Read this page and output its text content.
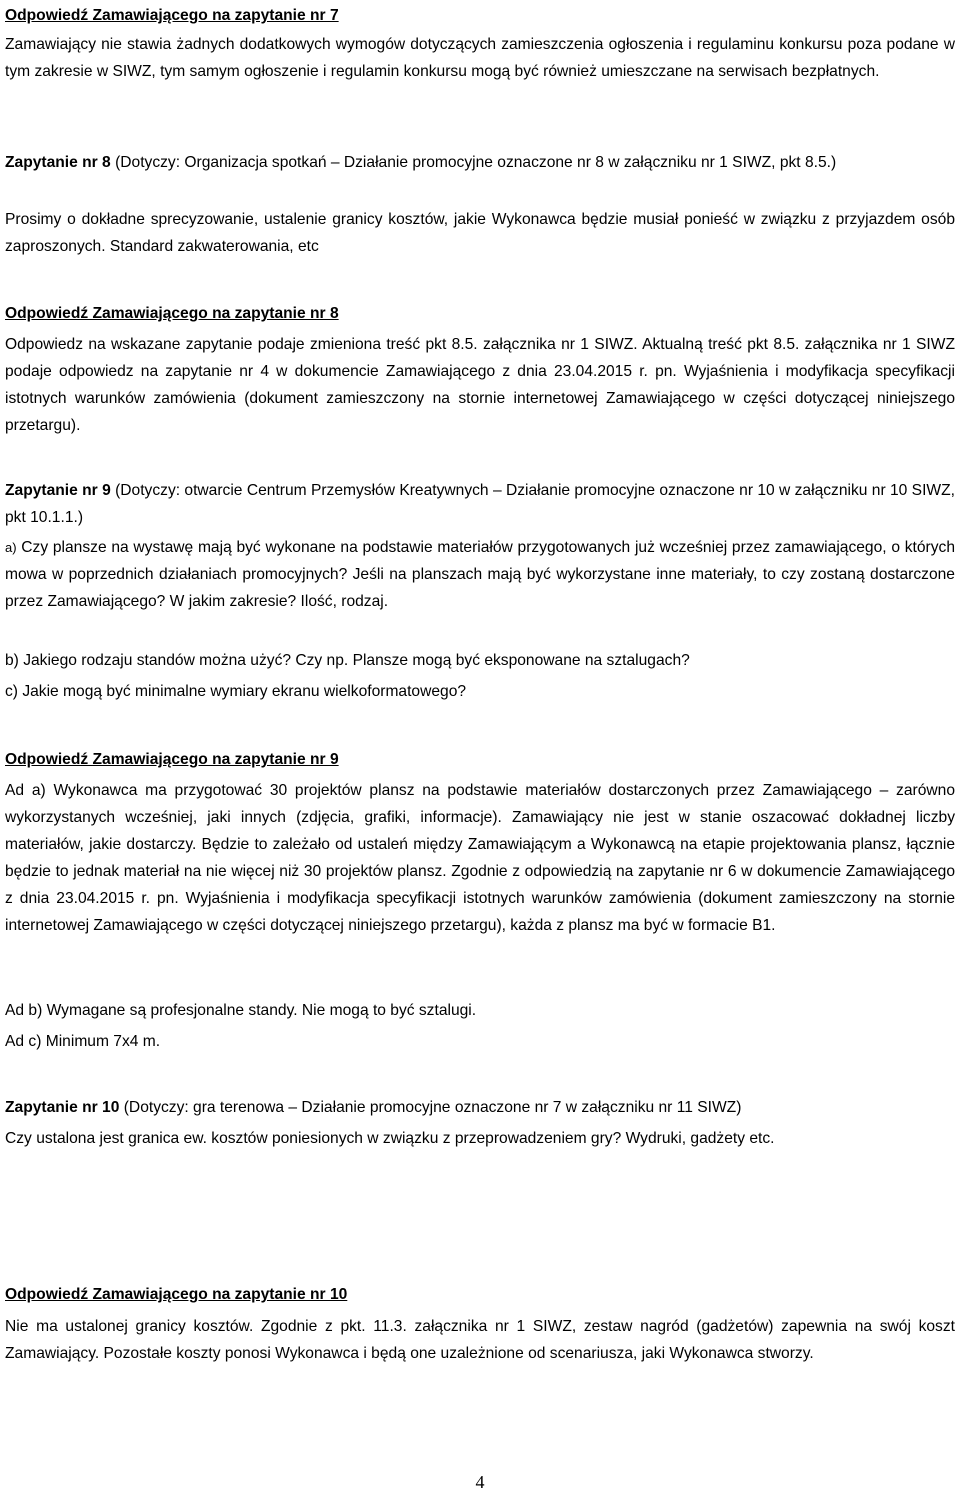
Odpowiedź Zamawiającego na zapytanie nr 7

Zamawiający nie stawia żadnych dodatkowych wymogów dotyczących zamieszczenia ogłoszenia i regulaminu konkursu poza podane w tym zakresie w SIWZ, tym samym ogłoszenie i regulamin konkursu mogą być również umieszczane na serwisach bezpłatnych.

Zapytanie nr 8 (Dotyczy: Organizacja spotkań – Działanie promocyjne oznaczone nr 8 w załączniku nr 1 SIWZ, pkt 8.5.)

Prosimy o dokładne sprecyzowanie, ustalenie granicy kosztów, jakie Wykonawca będzie musiał ponieść w związku z przyjazdem osób zaproszonych. Standard zakwaterowania, etc

Odpowiedź Zamawiającego na zapytanie nr 8

Odpowiedz na wskazane zapytanie podaje zmieniona treść pkt 8.5. załącznika nr 1 SIWZ. Aktualną treść pkt 8.5. załącznika nr 1 SIWZ podaje odpowiedz na zapytanie nr 4 w dokumencie Zamawiającego z dnia 23.04.2015 r. pn. Wyjaśnienia i modyfikacja specyfikacji istotnych warunków zamówienia (dokument zamieszczony na stornie internetowej Zamawiającego w części dotyczącej niniejszego przetargu).

Zapytanie nr 9 (Dotyczy: otwarcie Centrum Przemysłów Kreatywnych – Działanie promocyjne oznaczone nr 10 w załączniku nr 10 SIWZ, pkt 10.1.1.)

a) Czy plansze na wystawę mają być wykonane na podstawie materiałów przygotowanych już wcześniej przez zamawiającego, o których mowa w poprzednich działaniach promocyjnych? Jeśli na planszach mają być wykorzystane inne materiały, to czy zostaną dostarczone przez Zamawiającego? W jakim zakresie? Ilość, rodzaj.

b) Jakiego rodzaju standów można użyć? Czy np. Plansze mogą być eksponowane na sztalugach?

c) Jakie mogą być minimalne wymiary ekranu wielkoformatowego?

Odpowiedź Zamawiającego na zapytanie nr 9

Ad a) Wykonawca ma przygotować 30 projektów plansz na podstawie materiałów dostarczonych przez Zamawiającego – zarówno wykorzystanych wcześniej, jaki innych (zdjęcia, grafiki, informacje). Zamawiający nie jest w stanie oszacować dokładnej liczby materiałów, jakie dostarczy. Będzie to zależało od ustaleń między Zamawiającym a Wykonawcą na etapie projektowania plansz, łącznie będzie to jednak materiał na nie więcej niż 30 projektów plansz. Zgodnie z odpowiedzią na zapytanie nr 6 w dokumencie Zamawiającego z dnia 23.04.2015 r. pn. Wyjaśnienia i modyfikacja specyfikacji istotnych warunków zamówienia (dokument zamieszczony na stornie internetowej Zamawiającego w części dotyczącej niniejszego przetargu), każda z plansz ma być w formacie B1.

Ad b) Wymagane są profesjonalne standy. Nie mogą to być sztalugi.

Ad c) Minimum 7x4 m.

Zapytanie nr 10 (Dotyczy: gra terenowa – Działanie promocyjne oznaczone nr 7 w załączniku nr 11 SIWZ)

Czy ustalona jest granica ew. kosztów poniesionych w związku z przeprowadzeniem gry? Wydruki, gadżety etc.

Odpowiedź Zamawiającego na zapytanie nr 10

Nie ma ustalonej granicy kosztów. Zgodnie z pkt. 11.3. załącznika nr 1 SIWZ, zestaw nagród (gadżetów) zapewnia na swój koszt Zamawiający. Pozostałe koszty ponosi Wykonawca i będą one uzależnione od scenariusza, jaki Wykonawca stworzy.

4
